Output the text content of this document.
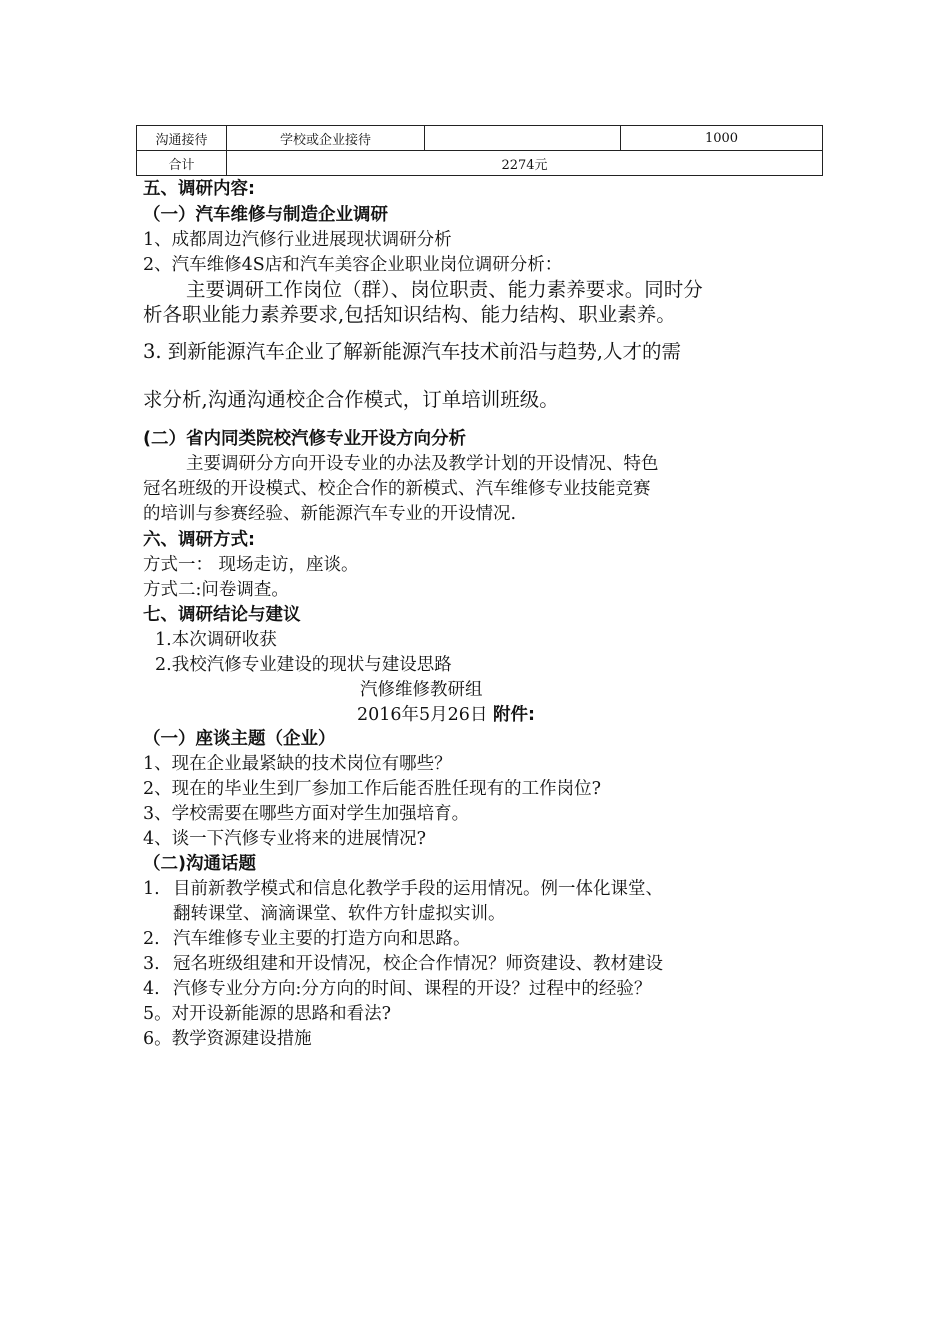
沟通接待	学校或企业接待		1000
合计	2274元		
五、调研内容:
（一）汽车维修与制造企业调研
1、成都周边汽修行业进展现状调研分析
2、汽车维修4S店和汽车美容企业职业岗位调研分析：
主要调研工作岗位（群）、岗位职责、能力素养要求。同时分
析各职业能力素养要求,包括知识结构、能力结构、职业素养。
3. 到新能源汽车企业了解新能源汽车技术前沿与趋势,人才的需
求分析,沟通沟通校企合作模式，订单培训班级。
(二）省内同类院校汽修专业开设方向分析
主要调研分方向开设专业的办法及教学计划的开设情况、特色
冠名班级的开设模式、校企合作的新模式、汽车维修专业技能竞赛
的培训与参赛经验、新能源汽车专业的开设情况.
六、调研方式:
方式一： 现场走访，座谈。
方式二:问卷调查。
七、调研结论与建议
1.本次调研收获
2.我校汽修专业建设的现状与建设思路
汽修维修教研组
2016年5月26日 附件:
（一）座谈主题（企业）
1、现在企业最紧缺的技术岗位有哪些？
2、现在的毕业生到厂参加工作后能否胜任现有的工作岗位?
3、学校需要在哪些方面对学生加强培育。
4、谈一下汽修专业将来的进展情况?
（二)沟通话题
1. 目前新教学模式和信息化教学手段的运用情况。例一体化课堂、
翻转课堂、滴滴课堂、软件方针虚拟实训。
2. 汽车维修专业主要的打造方向和思路。
3. 冠名班级组建和开设情况，校企合作情况？师资建设、教材建设
4. 汽修专业分方向:分方向的时间、课程的开设？过程中的经验？
5。对开设新能源的思路和看法?
6。教学资源建设措施
